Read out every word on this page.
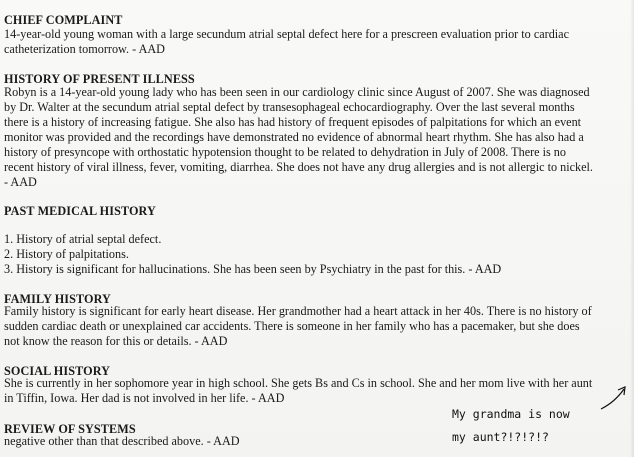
CHIEF COMPLAINT
14-year-old young woman with a large secundum atrial septal defect here for a prescreen evaluation prior to cardiac
catheterization tomorrow. - AAD
HISTORY OF PRESENT ILLNESS
Robyn is a 14-year-old young lady who has been seen in our cardiology clinic since August of 2007. She was diagnosed
by Dr. Walter at the secundum atrial septal defect by transesophageal echocardiography. Over the last several months
there is a history of increasing fatigue. She also has had history of frequent episodes of palpitations for which an event
monitor was provided and the recordings have demonstrated no evidence of abnormal heart rhythm. She has also had a
history of presyncope with orthostatic hypotension thought to be related to dehydration in July of 2008. There is no
recent history of viral illness, fever, vomiting, diarrhea. She does not have any drug allergies and is not allergic to nickel.
- AAD
PAST MEDICAL HISTORY
1. History of atrial septal defect.
2. History of palpitations.
3. History is significant for hallucinations. She has been seen by Psychiatry in the past for this. - AAD
FAMILY HISTORY
Family history is significant for early heart disease. Her grandmother had a heart attack in her 40s. There is no history of
sudden cardiac death or unexplained car accidents. There is someone in her family who has a pacemaker, but she does
not know the reason for this or details. - AAD
SOCIAL HISTORY
She is currently in her sophomore year in high school. She gets Bs and Cs in school. She and her mom live with her aunt
in Tiffin, Iowa. Her dad is not involved in her life. - AAD
REVIEW OF SYSTEMS
negative other than that described above. - AAD
My grandma is now
my aunt?!?!?!?
